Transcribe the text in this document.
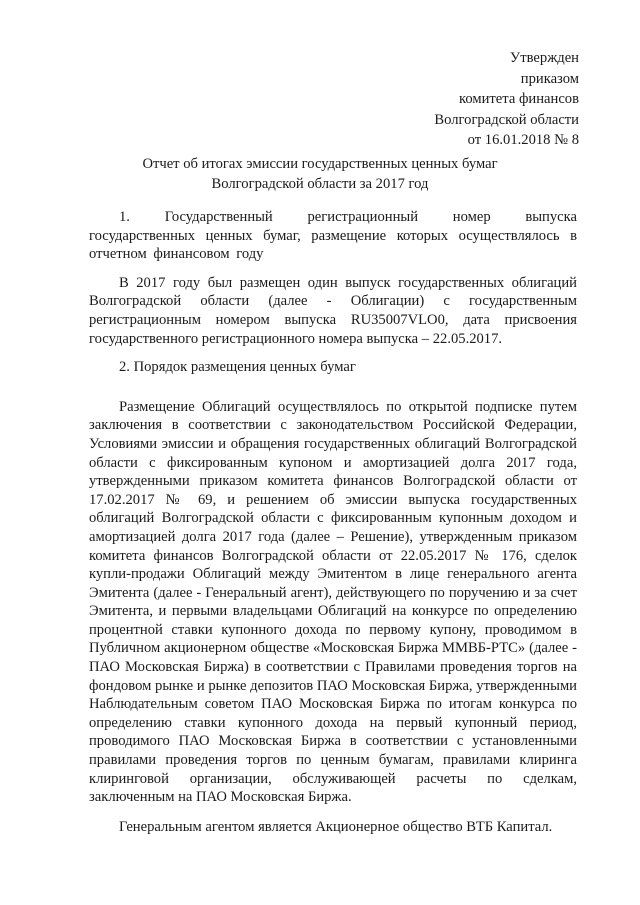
Утвержден
приказом
комитета финансов
Волгоградской области
от 16.01.2018 № 8
Отчет об итогах эмиссии государственных ценных бумаг
Волгоградской области за 2017 год

1. Государственный регистрационный номер выпуска государственных ценных бумаг, размещение которых осуществлялось в отчетном финансовом году

В 2017 году был размещен один выпуск государственных облигаций Волгоградской области (далее - Облигации) с государственным регистрационным номером выпуска RU35007VLO0, дата присвоения государственного регистрационного номера выпуска – 22.05.2017.

2. Порядок размещения ценных бумаг

Размещение Облигаций осуществлялось по открытой подписке путем заключения в соответствии с законодательством Российской Федерации, Условиями эмиссии и обращения государственных облигаций Волгоградской области с фиксированным купоном и амортизацией долга 2017 года, утвержденными приказом комитета финансов Волгоградской области от 17.02.2017 № 69, и решением об эмиссии выпуска государственных облигаций Волгоградской области с фиксированным купонным доходом и амортизацией долга 2017 года (далее – Решение), утвержденным приказом комитета финансов Волгоградской области от 22.05.2017 № 176, сделок купли-продажи Облигаций между Эмитентом в лице генерального агента Эмитента (далее - Генеральный агент), действующего по поручению и за счет Эмитента, и первыми владельцами Облигаций на конкурсе по определению процентной ставки купонного дохода по первому купону, проводимом в Публичном акционерном обществе «Московская Биржа ММВБ-РТС» (далее - ПАО Московская Биржа) в соответствии с Правилами проведения торгов на фондовом рынке и рынке депозитов ПАО Московская Биржа, утвержденными Наблюдательным советом ПАО Московская Биржа по итогам конкурса по определению ставки купонного дохода на первый купонный период, проводимого ПАО Московская Биржа в соответствии с установленными правилами проведения торгов по ценным бумагам, правилами клиринга клиринговой организации, обслуживающей расчеты по сделкам, заключенным на ПАО Московская Биржа.

Генеральным агентом является Акционерное общество ВТБ Капитал.
